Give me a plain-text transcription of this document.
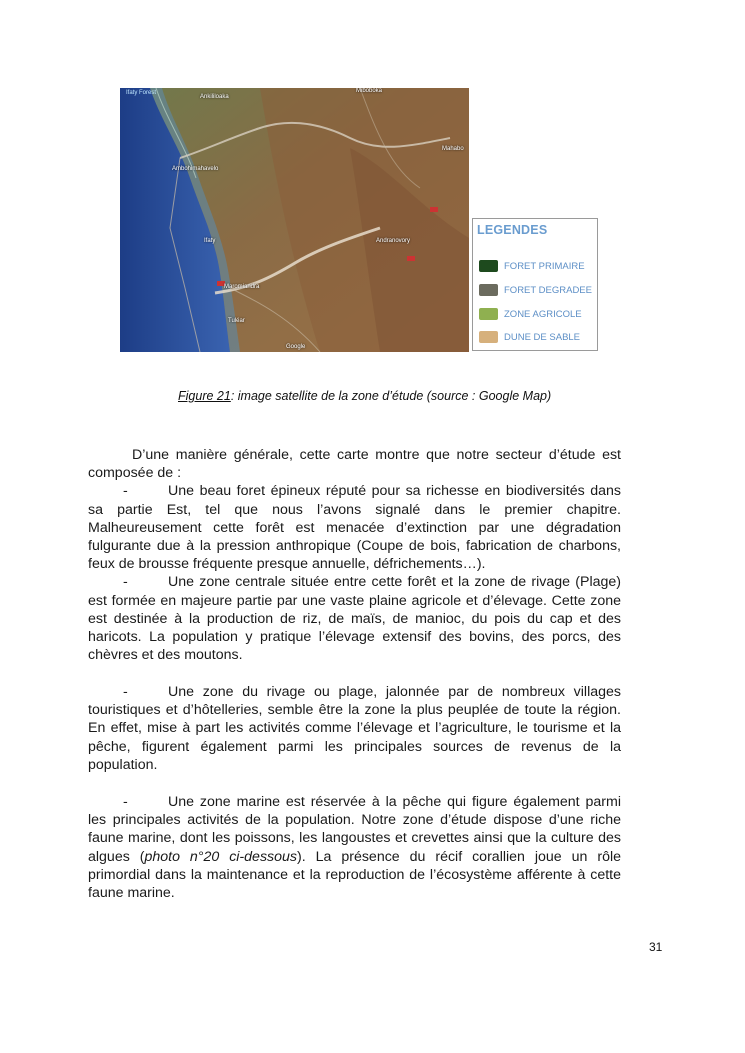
Ifaty Forest
Ankililoaka
Miboboka
Mahabo
Ambohimahavelo
Ifaty	Andranovory
Maromiandra
Tuléar
Google
LEGENDES
FORET PRIMAIRE
FORET DEGRADEE
ZONE AGRICOLE
DUNE DE SABLE
Figure 21: image satellite de la zone d’étude (source : Google Map)

D’une manière générale, cette carte montre que notre secteur d’étude est composée de :

-	Une beau foret épineux réputé pour sa richesse en biodiversités dans sa partie Est, tel que nous l’avons signalé dans le premier chapitre. Malheureusement cette forêt est menacée d’extinction par une dégradation fulgurante due à la pression anthropique (Coupe de bois, fabrication de charbons, feux de brousse fréquente presque annuelle, défrichements…).

-	Une zone centrale située entre cette forêt et la zone de rivage (Plage) est formée en majeure partie par une vaste plaine agricole et d’élevage. Cette zone est destinée à la production de riz, de maïs, de manioc, du pois du cap et des haricots. La population y pratique l’élevage extensif des bovins, des porcs, des chèvres et des moutons.

-	Une zone du rivage ou plage, jalonnée par de nombreux villages touristiques et d’hôtelleries, semble être la zone la plus peuplée de toute la région. En effet, mise à part les activités comme l’élevage et l’agriculture, le tourisme et la pêche, figurent également parmi les principales sources de revenus de la population.

-	Une zone marine est réservée à la pêche qui figure également parmi les principales activités de la population. Notre zone d’étude dispose d’une riche faune marine, dont les poissons, les langoustes et crevettes ainsi que la culture des algues (photo n°20 ci-dessous). La présence du récif corallien joue un rôle primordial dans la maintenance et la reproduction de l’écosystème afférente à cette faune marine.

31
